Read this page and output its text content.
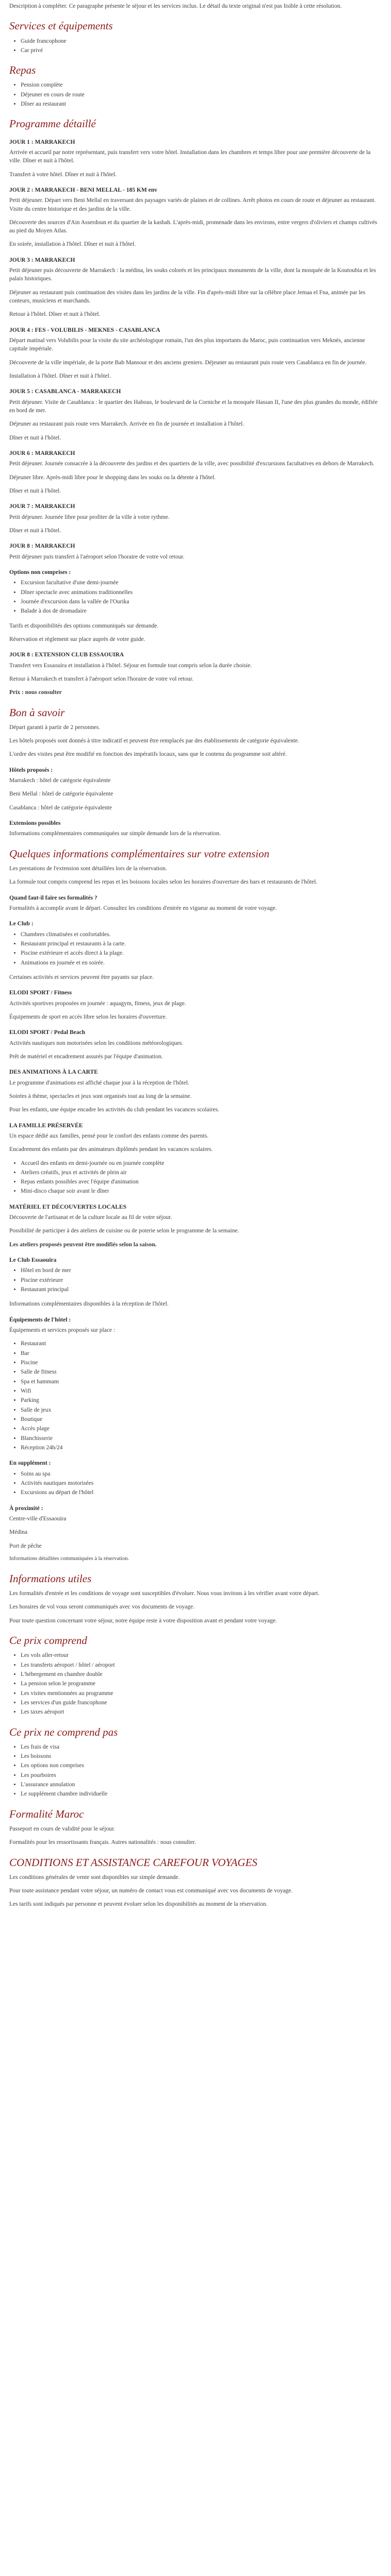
Description à compléter. Ce paragraphe présente le séjour et les services inclus. Le détail du texte original n'est pas lisible à cette résolution.

Services et équipements
• Guide francophone
• Car privé
Repas
• Pension complète
• Déjeuner en cours de route
• Dîner au restaurant
Programme détaillé
JOUR 1 : MARRAKECH

Arrivée et accueil par notre représentant, puis transfert vers votre hôtel. Installation dans les chambres et temps libre pour une première découverte de la ville. Dîner et nuit à l'hôtel.

Transfert à votre hôtel. Dîner et nuit à l'hôtel.

JOUR 2 : MARRAKECH - BENI MELLAL - 185 KM env

Petit déjeuner. Départ vers Beni Mellal en traversant des paysages variés de plaines et de collines. Arrêt photos en cours de route et déjeuner au restaurant. Visite du centre historique et des jardins de la ville.

Découverte des sources d'Ain Asserdoun et du quartier de la kasbah. L'après-midi, promenade dans les environs, entre vergers d'oliviers et champs cultivés au pied du Moyen Atlas.

En soirée, installation à l'hôtel. Dîner et nuit à l'hôtel.

JOUR 3 : MARRAKECH

Petit déjeuner puis découverte de Marrakech : la médina, les souks colorés et les principaux monuments de la ville, dont la mosquée de la Koutoubia et les palais historiques.

Déjeuner au restaurant puis continuation des visites dans les jardins de la ville. Fin d'après-midi libre sur la célèbre place Jemaa el Fna, animée par les conteurs, musiciens et marchands.

Retour à l'hôtel. Dîner et nuit à l'hôtel.

JOUR 4 : FES - VOLUBILIS - MEKNES - CASABLANCA

Départ matinal vers Volubilis pour la visite du site archéologique romain, l'un des plus importants du Maroc, puis continuation vers Meknès, ancienne capitale impériale.

Découverte de la ville impériale, de la porte Bab Mansour et des anciens greniers. Déjeuner au restaurant puis route vers Casablanca en fin de journée.

Installation à l'hôtel. Dîner et nuit à l'hôtel.

JOUR 5 : CASABLANCA - MARRAKECH

Petit déjeuner. Visite de Casablanca : le quartier des Habous, le boulevard de la Corniche et la mosquée Hassan II, l'une des plus grandes du monde, édifiée en bord de mer.

Déjeuner au restaurant puis route vers Marrakech. Arrivée en fin de journée et installation à l'hôtel.

Dîner et nuit à l'hôtel.

JOUR 6 : MARRAKECH

Petit déjeuner. Journée consacrée à la découverte des jardins et des quartiers de la ville, avec possibilité d'excursions facultatives en dehors de Marrakech.

Déjeuner libre. Après-midi libre pour le shopping dans les souks ou la détente à l'hôtel.

Dîner et nuit à l'hôtel.

JOUR 7 : MARRAKECH

Petit déjeuner. Journée libre pour profiter de la ville à votre rythme.

Dîner et nuit à l'hôtel.

JOUR 8 : MARRAKECH

Petit déjeuner puis transfert à l'aéroport selon l'horaire de votre vol retour.

Options non comprises :
• Excursion facultative d'une demi-journée
• Dîner spectacle avec animations traditionnelles
• Journée d'excursion dans la vallée de l'Ourika
• Balade à dos de dromadaire

Tarifs et disponibilités des options communiqués sur demande.

Réservation et règlement sur place auprès de votre guide.

JOUR 8 : EXTENSION CLUB ESSAOUIRA

Transfert vers Essaouira et installation à l'hôtel. Séjour en formule tout compris selon la durée choisie.

Retour à Marrakech et transfert à l'aéroport selon l'horaire de votre vol retour.

Prix : nous consulter

Bon à savoir

Départ garanti à partir de 2 personnes.

Les hôtels proposés sont donnés à titre indicatif et peuvent être remplacés par des établissements de catégorie équivalente.

L'ordre des visites peut être modifié en fonction des impératifs locaux, sans que le contenu du programme soit altéré.

Hôtels proposés :

Marrakech : hôtel de catégorie équivalente

Beni Mellal : hôtel de catégorie équivalente

Casablanca : hôtel de catégorie équivalente

Extensions possibles

Informations complémentaires communiquées sur simple demande lors de la réservation.

Quelques informations complémentaires sur votre extension

Les prestations de l'extension sont détaillées lors de la réservation.

La formule tout compris comprend les repas et les boissons locales selon les horaires d'ouverture des bars et restaurants de l'hôtel.

Quand faut-il faire ses formalités ?

Formalités à accomplir avant le départ. Consultez les conditions d'entrée en vigueur au moment de votre voyage.

Le Club :
• Chambres climatisées et confortables.
• Restaurant principal et restaurants à la carte.
• Piscine extérieure et accès direct à la plage.
• Animations en journée et en soirée.

Certaines activités et services peuvent être payants sur place.

ELODI SPORT / Fitness

Activités sportives proposées en journée : aquagym, fitness, jeux de plage.

Équipements de sport en accès libre selon les horaires d'ouverture.

ELODI SPORT / Pedal Beach

Activités nautiques non motorisées selon les conditions météorologiques.

Prêt de matériel et encadrement assurés par l'équipe d'animation.

DES ANIMATIONS À LA CARTE

Le programme d'animations est affiché chaque jour à la réception de l'hôtel.

Soirées à thème, spectacles et jeux sont organisés tout au long de la semaine.

Pour les enfants, une équipe encadre les activités du club pendant les vacances scolaires.

LA FAMILLE PRÉSERVÉE

Un espace dédié aux familles, pensé pour le confort des enfants comme des parents.

Encadrement des enfants par des animateurs diplômés pendant les vacances scolaires.

• Accueil des enfants en demi-journée ou en journée complète
• Ateliers créatifs, jeux et activités de plein air
• Repas enfants possibles avec l'équipe d'animation
• Mini-disco chaque soir avant le dîner
MATÉRIEL ET DÉCOUVERTES LOCALES

Découverte de l'artisanat et de la culture locale au fil de votre séjour.

Possibilité de participer à des ateliers de cuisine ou de poterie selon le programme de la semaine.

Les ateliers proposés peuvent être modifiés selon la saison.

Le Club Essaouira
• Hôtel en bord de mer
• Piscine extérieure
• Restaurant principal

Informations complémentaires disponibles à la réception de l'hôtel.

Équipements de l'hôtel :

Équipements et services proposés sur place :

• Restaurant
• Bar
• Piscine
• Salle de fitness
• Spa et hammam
• Wifi
• Parking
• Salle de jeux
• Boutique
• Accès plage
• Blanchisserie
• Réception 24h/24
En supplément :
• Soins au spa
• Activités nautiques motorisées
• Excursions au départ de l'hôtel
À proximité :

Centre-ville d'Essaouira

Médina

Port de pêche

Informations détaillées communiquées à la réservation.

Informations utiles

Les formalités d'entrée et les conditions de voyage sont susceptibles d'évoluer. Nous vous invitons à les vérifier avant votre départ.

Les horaires de vol vous seront communiqués avec vos documents de voyage.

Pour toute question concernant votre séjour, notre équipe reste à votre disposition avant et pendant votre voyage.

Ce prix comprend
• Les vols aller-retour
• Les transferts aéroport / hôtel / aéroport
• L'hébergement en chambre double
• La pension selon le programme
• Les visites mentionnées au programme
• Les services d'un guide francophone
• Les taxes aéroport
Ce prix ne comprend pas
• Les frais de visa
• Les boissons
• Les options non comprises
• Les pourboires
• L'assurance annulation
• Le supplément chambre individuelle
Formalité Maroc

Passeport en cours de validité pour le séjour.

Formalités pour les ressortissants français. Autres nationalités : nous consulter.

CONDITIONS ET ASSISTANCE CAREFOUR VOYAGES

Les conditions générales de vente sont disponibles sur simple demande.

Pour toute assistance pendant votre séjour, un numéro de contact vous est communiqué avec vos documents de voyage.

Les tarifs sont indiqués par personne et peuvent évoluer selon les disponibilités au moment de la réservation.
